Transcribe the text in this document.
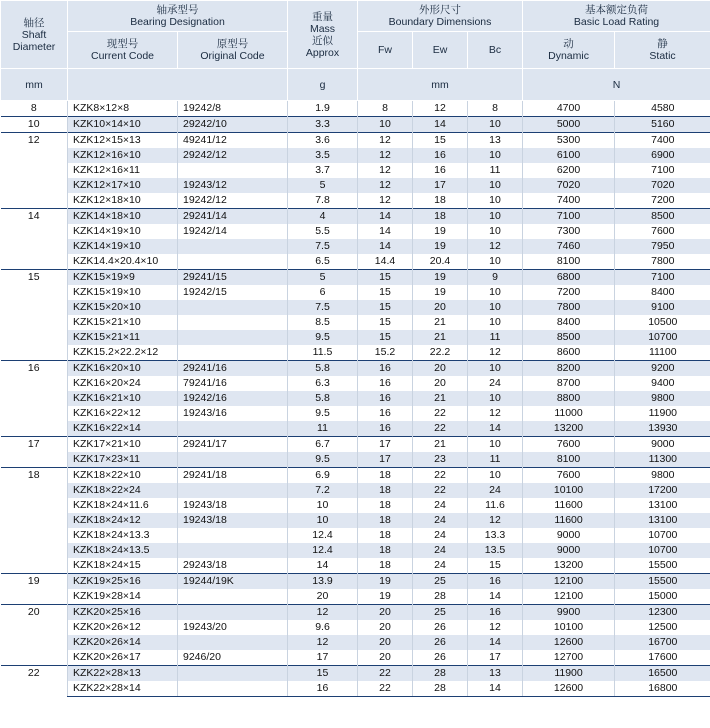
轴径
Shaft Diameter	轴承型号
Bearing Designation		重量
Mass
近似
Approx	外形尺寸
Boundary Dimensions			基本额定负荷
Basic Load Rating	

	现型号
Current Code	原型号
Original Code		Fw	Ew	Bc	动
Dynamic	静
Static

mm			g	mm			N	
8	KZK8×12×8	19242/8	1.9	8	12	8	4700	4580
10	KZK10×14×10	29242/10	3.3	10	14	10	5000	5160
12	KZK12×15×13	49241/12	3.6	12	15	13	5300	7400
	KZK12×16×10	29242/12	3.5	12	16	10	6100	6900
	KZK12×16×11		3.7	12	16	11	6200	7100
	KZK12×17×10	19243/12	5	12	17	10	7020	7020
	KZK12×18×10	19242/12	7.8	12	18	10	7400	7200
14	KZK14×18×10	29241/14	4	14	18	10	7100	8500
	KZK14×19×10	19242/14	5.5	14	19	10	7300	7600
	KZK14×19×10		7.5	14	19	12	7460	7950
	KZK14.4×20.4×10		6.5	14.4	20.4	10	8100	7800
15	KZK15×19×9	29241/15	5	15	19	9	6800	7100
	KZK15×19×10	19242/15	6	15	19	10	7200	8400
	KZK15×20×10		7.5	15	20	10	7800	9100
	KZK15×21×10		8.5	15	21	10	8400	10500
	KZK15×21×11		9.5	15	21	11	8500	10700
	KZK15.2×22.2×12		11.5	15.2	22.2	12	8600	11100
16	KZK16×20×10	29241/16	5.8	16	20	10	8200	9200
	KZK16×20×24	79241/16	6.3	16	20	24	8700	9400
	KZK16×21×10	19242/16	5.8	16	21	10	8800	9800
	KZK16×22×12	19243/16	9.5	16	22	12	11000	11900
	KZK16×22×14		11	16	22	14	13200	13930
17	KZK17×21×10	29241/17	6.7	17	21	10	7600	9000
	KZK17×23×11		9.5	17	23	11	8100	11300
18	KZK18×22×10	29241/18	6.9	18	22	10	7600	9800
	KZK18×22×24		7.2	18	22	24	10100	17200
	KZK18×24×11.6	19243/18	10	18	24	11.6	11600	13100
	KZK18×24×12	19243/18	10	18	24	12	11600	13100
	KZK18×24×13.3		12.4	18	24	13.3	9000	10700
	KZK18×24×13.5		12.4	18	24	13.5	9000	10700
	KZK18×24×15	29243/18	14	18	24	15	13200	15500
19	KZK19×25×16	19244/19K	13.9	19	25	16	12100	15500
	KZK19×28×14		20	19	28	14	12100	15000
20	KZK20×25×16		12	20	25	16	9900	12300
	KZK20×26×12	19243/20	9.6	20	26	12	10100	12500
	KZK20×26×14		12	20	26	14	12600	16700
	KZK20×26×17	9246/20	17	20	26	17	12700	17600
22	KZK22×28×13		15	22	28	13	11900	16500
	KZK22×28×14		16	22	28	14	12600	16800
